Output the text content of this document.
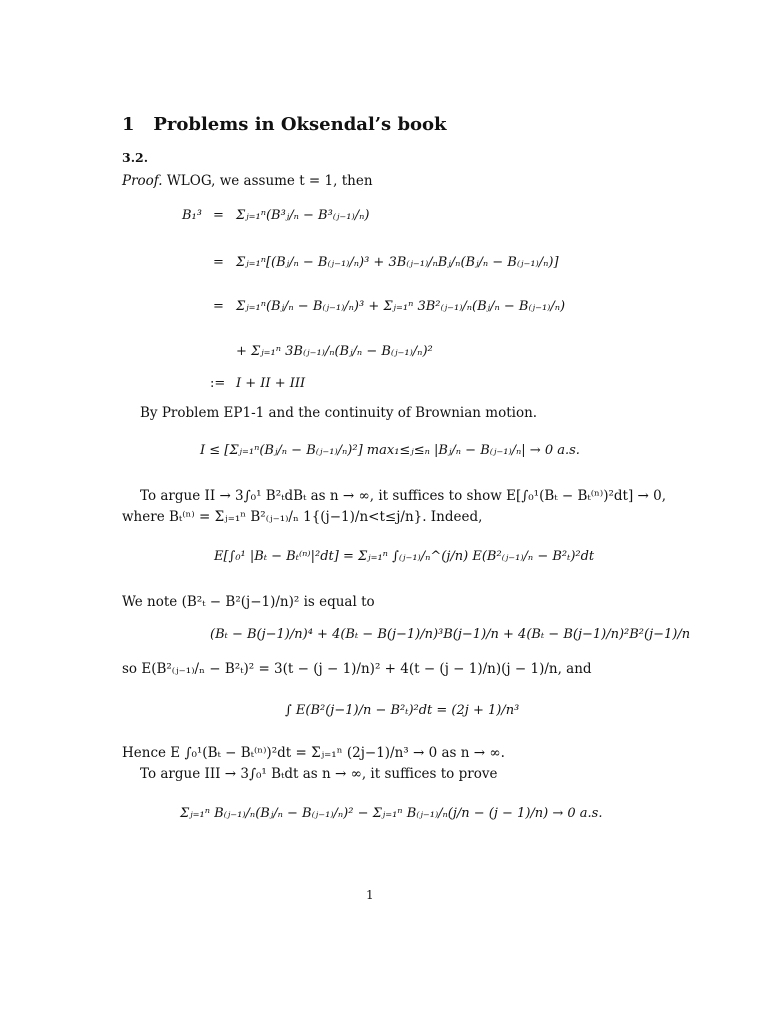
1 Problems in Oksendal’s book
3.2.
Proof. WLOG, we assume t = 1, then
B₁³ = Σⱼ₌₁ⁿ(B³ⱼ/ₙ − B³₍ⱼ₋₁₎/ₙ)
= Σⱼ₌₁ⁿ[(Bⱼ/ₙ − B₍ⱼ₋₁₎/ₙ)³ + 3B₍ⱼ₋₁₎/ₙBⱼ/ₙ(Bⱼ/ₙ − B₍ⱼ₋₁₎/ₙ)]
= Σⱼ₌₁ⁿ(Bⱼ/ₙ − B₍ⱼ₋₁₎/ₙ)³ + Σⱼ₌₁ⁿ 3B²₍ⱼ₋₁₎/ₙ(Bⱼ/ₙ − B₍ⱼ₋₁₎/ₙ)
+ Σⱼ₌₁ⁿ 3B₍ⱼ₋₁₎/ₙ(Bⱼ/ₙ − B₍ⱼ₋₁₎/ₙ)²
:= I + II + III
By Problem EP1-1 and the continuity of Brownian motion.
I ≤ [Σⱼ₌₁ⁿ(Bⱼ/ₙ − B₍ⱼ₋₁₎/ₙ)²] max₁≤ⱼ≤ₙ |Bⱼ/ₙ − B₍ⱼ₋₁₎/ₙ| → 0 a.s.
To argue II → 3∫₀¹ B²ₜdBₜ as n → ∞, it suffices to show E[∫₀¹(Bₜ − Bₜ⁽ⁿ⁾)²dt] → 0,
where Bₜ⁽ⁿ⁾ = Σⱼ₌₁ⁿ B²₍ⱼ₋₁₎/ₙ 1{(j−1)/n<t≤j/n}. Indeed,
E[∫₀¹ |Bₜ − Bₜ⁽ⁿ⁾|²dt] = Σⱼ₌₁ⁿ ∫₍ⱼ₋₁₎/ₙ^(j/n) E(B²₍ⱼ₋₁₎/ₙ − B²ₜ)²dt
We note (B²ₜ − B²(j−1)/n)² is equal to
(Bₜ − B(j−1)/n)⁴ + 4(Bₜ − B(j−1)/n)³B(j−1)/n + 4(Bₜ − B(j−1)/n)²B²(j−1)/n
so E(B²₍ⱼ₋₁₎/ₙ − B²ₜ)² = 3(t − (j − 1)/n)² + 4(t − (j − 1)/n)(j − 1)/n, and
∫ E(B²(j−1)/n − B²ₜ)²dt = (2j + 1)/n³
Hence E ∫₀¹(Bₜ − Bₜ⁽ⁿ⁾)²dt = Σⱼ₌₁ⁿ (2j−1)/n³ → 0 as n → ∞.
To argue III → 3∫₀¹ Bₜdt as n → ∞, it suffices to prove
Σⱼ₌₁ⁿ B₍ⱼ₋₁₎/ₙ(Bⱼ/ₙ − B₍ⱼ₋₁₎/ₙ)² − Σⱼ₌₁ⁿ B₍ⱼ₋₁₎/ₙ(j/n − (j − 1)/n) → 0 a.s.
1
